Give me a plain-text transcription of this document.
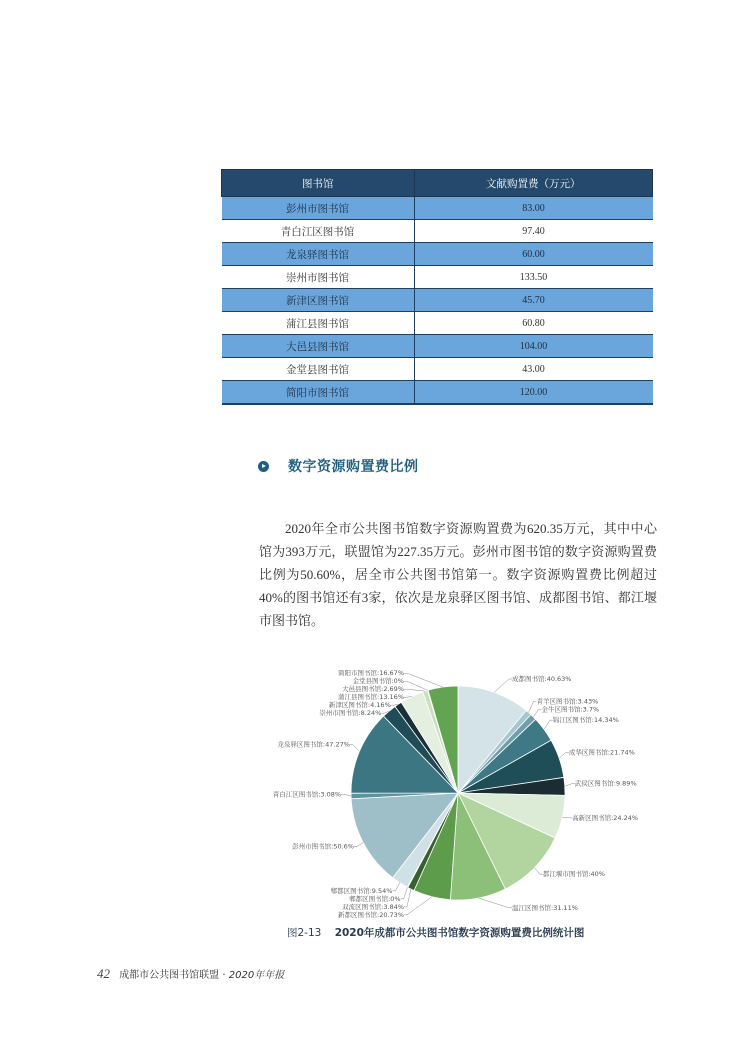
图书馆	文献购置费（万元）
彭州市图书馆	83.00
青白江区图书馆	97.40
龙泉驿图书馆	60.00
崇州市图书馆	133.50
新津区图书馆	45.70
蒲江县图书馆	60.80
大邑县图书馆	104.00
金堂县图书馆	43.00
简阳市图书馆	120.00
数字资源购置费比例

2020年全市公共图书馆数字资源购置费为620.35万元，其中中心馆为393万元，联盟馆为227.35万元。彭州市图书馆的数字资源购置费比例为50.60%，居全市公共图书馆第一。数字资源购置费比例超过40%的图书馆还有3家，依次是龙泉驿区图书馆、成都图书馆、都江堰市图书馆。

成都图书馆:40.63%
青羊区图书馆:3.43%
金牛区图书馆:3.7%
锦江区图书馆:14.34%
成华区图书馆:21.74%
武侯区图书馆:9.89%
高新区图书馆:24.24%
都江堰市图书馆:40%
温江区图书馆:31.11%
简阳市图书馆:16.67%
金堂县图书馆:0%
大邑县图书馆:2.69%
蒲江县图书馆:13.16%
新津区图书馆:4.16%
崇州市图书馆:8.24%
龙泉驿区图书馆:47.27%
青白江区图书馆:3.08%
彭州市图书馆:50.6%
郫都区图书馆:9.54%
郫都区图书馆:0%
双流区图书馆:3.84%
新都区图书馆:20.73%
图2-13 2020年成都市公共图书馆数字资源购置费比例统计图
42 成都市公共图书馆联盟 · 2020年年报
